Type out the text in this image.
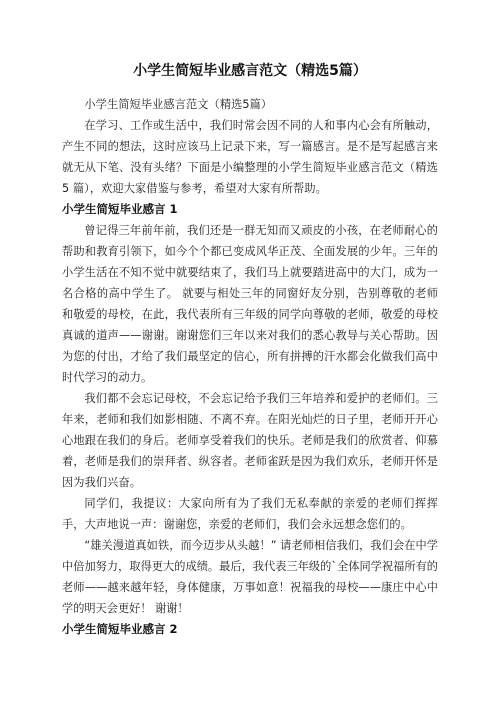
小学生简短毕业感言范文（精选5篇）

小学生简短毕业感言范文（精选5篇）

在学习、工作或生活中，我们时常会因不同的人和事内心会有所触动，产生不同的想法，这时应该马上记录下来，写一篇感言。是不是写起感言来就无从下笔、没有头绪？下面是小编整理的小学生简短毕业感言范文（精选 5 篇），欢迎大家借鉴与参考，希望对大家有所帮助。

小学生简短毕业感言 1

曾记得三年前年前，我们还是一群无知而又顽皮的小孩，在老师耐心的帮助和教育引领下，如今个个都已变成风华正茂、全面发展的少年。三年的小学生活在不知不觉中就要结束了，我们马上就要踏进高中的大门，成为一名合格的高中学生了。 就要与相处三年的同窗好友分别，告别尊敬的老师和敬爱的母校，在此，我代表所有三年级的同学向尊敬的老师，敬爱的母校真诚的道声——谢谢。谢谢您们三年以来对我们的悉心教导与关心帮助。因为您的付出，才给了我们最坚定的信心，所有拼搏的汗水都会化做我们高中时代学习的动力。

我们都不会忘记母校，不会忘记给予我们三年培养和爱护的老师们。三年来，老师和我们如影相随、不离不弃。在阳光灿烂的日子里，老师开开心心地跟在我们的身后。老师享受着我们的快乐。老师是我们的欣赏者、仰慕着，老师是我们的崇拜者、纵容者。老师雀跃是因为我们欢乐，老师开怀是因为我们兴奋。

同学们，我提议：大家向所有为了我们无私奉献的亲爱的老师们挥挥手，大声地说一声：谢谢您，亲爱的老师们，我们会永远想念您们的。

“雄关漫道真如铁，而今迈步从头越！” 请老师相信我们，我们会在中学中倍加努力，取得更大的成绩。最后，我代表三年级的`全体同学祝福所有的老师——越来越年轻，身体健康，万事如意！祝福我的母校——康庄中心中学的明天会更好！ 谢谢！

小学生简短毕业感言 2
